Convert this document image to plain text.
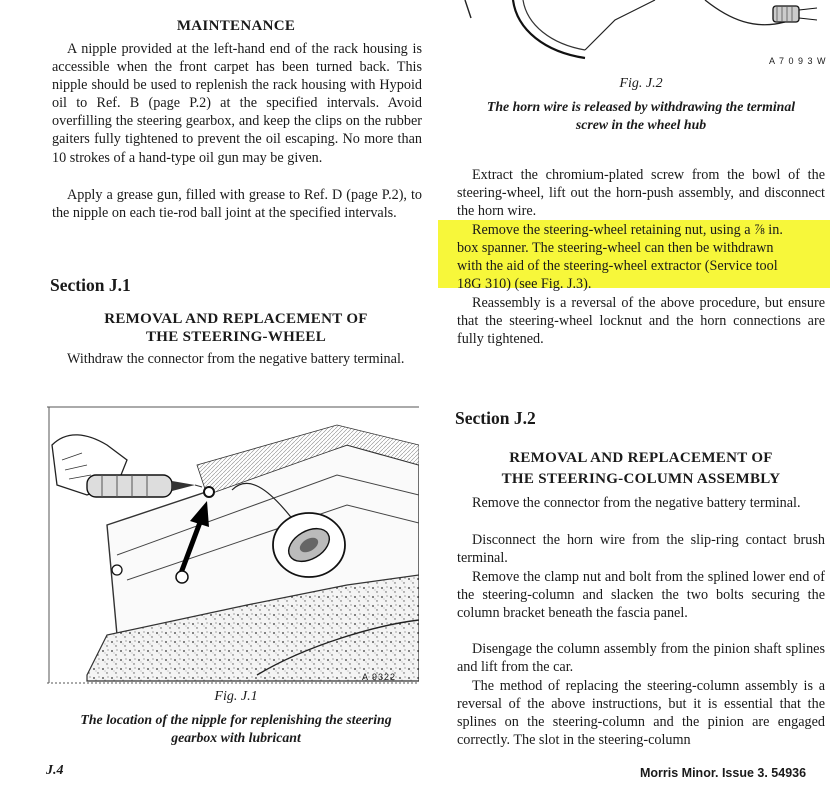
MAINTENANCE

A nipple provided at the left-hand end of the rack housing is accessible when the front carpet has been turned back. This nipple should be used to replenish the rack housing with Hypoid oil to Ref. B (page P.2) at the specified intervals. Avoid overfilling the steering gearbox, and keep the clips on the rubber gaiters fully tightened to prevent the oil escaping. No more than 10 strokes of a hand-type oil gun may be given.

Apply a grease gun, filled with grease to Ref. D (page P.2), to the nipple on each tie-rod ball joint at the specified intervals.

Section J.1

REMOVAL AND REPLACEMENT OF

THE STEERING-WHEEL

Withdraw the connector from the negative battery terminal.

A 9322

Fig. J.1

The location of the nipple for replenishing the steering

gearbox with lubricant

A 7 0 9 3 W

Fig. J.2

The horn wire is released by withdrawing the terminal

screw in the wheel hub

Extract the chromium-plated screw from the bowl of the steering-wheel, lift out the horn-push assembly, and disconnect the horn wire.

Remove the steering-wheel retaining nut, using a ⅞ in.

box spanner. The steering-wheel can then be withdrawn

with the aid of the steering-wheel extractor (Service tool

18G 310) (see Fig. J.3).

Reassembly is a reversal of the above procedure, but ensure that the steering-wheel locknut and the horn connections are fully tightened.

Section J.2

REMOVAL AND REPLACEMENT OF

THE STEERING-COLUMN ASSEMBLY

Remove the connector from the negative battery terminal.

Disconnect the horn wire from the slip-ring contact brush terminal.

Remove the clamp nut and bolt from the splined lower end of the steering-column and slacken the two bolts securing the column bracket beneath the fascia panel.

Disengage the column assembly from the pinion shaft splines and lift from the car.

The method of replacing the steering-column assembly is a reversal of the above instructions, but it is essential that the splines on the steering-column and the pinion are engaged correctly. The slot in the steering-column

J.4	Morris Minor. Issue 3. 54936
